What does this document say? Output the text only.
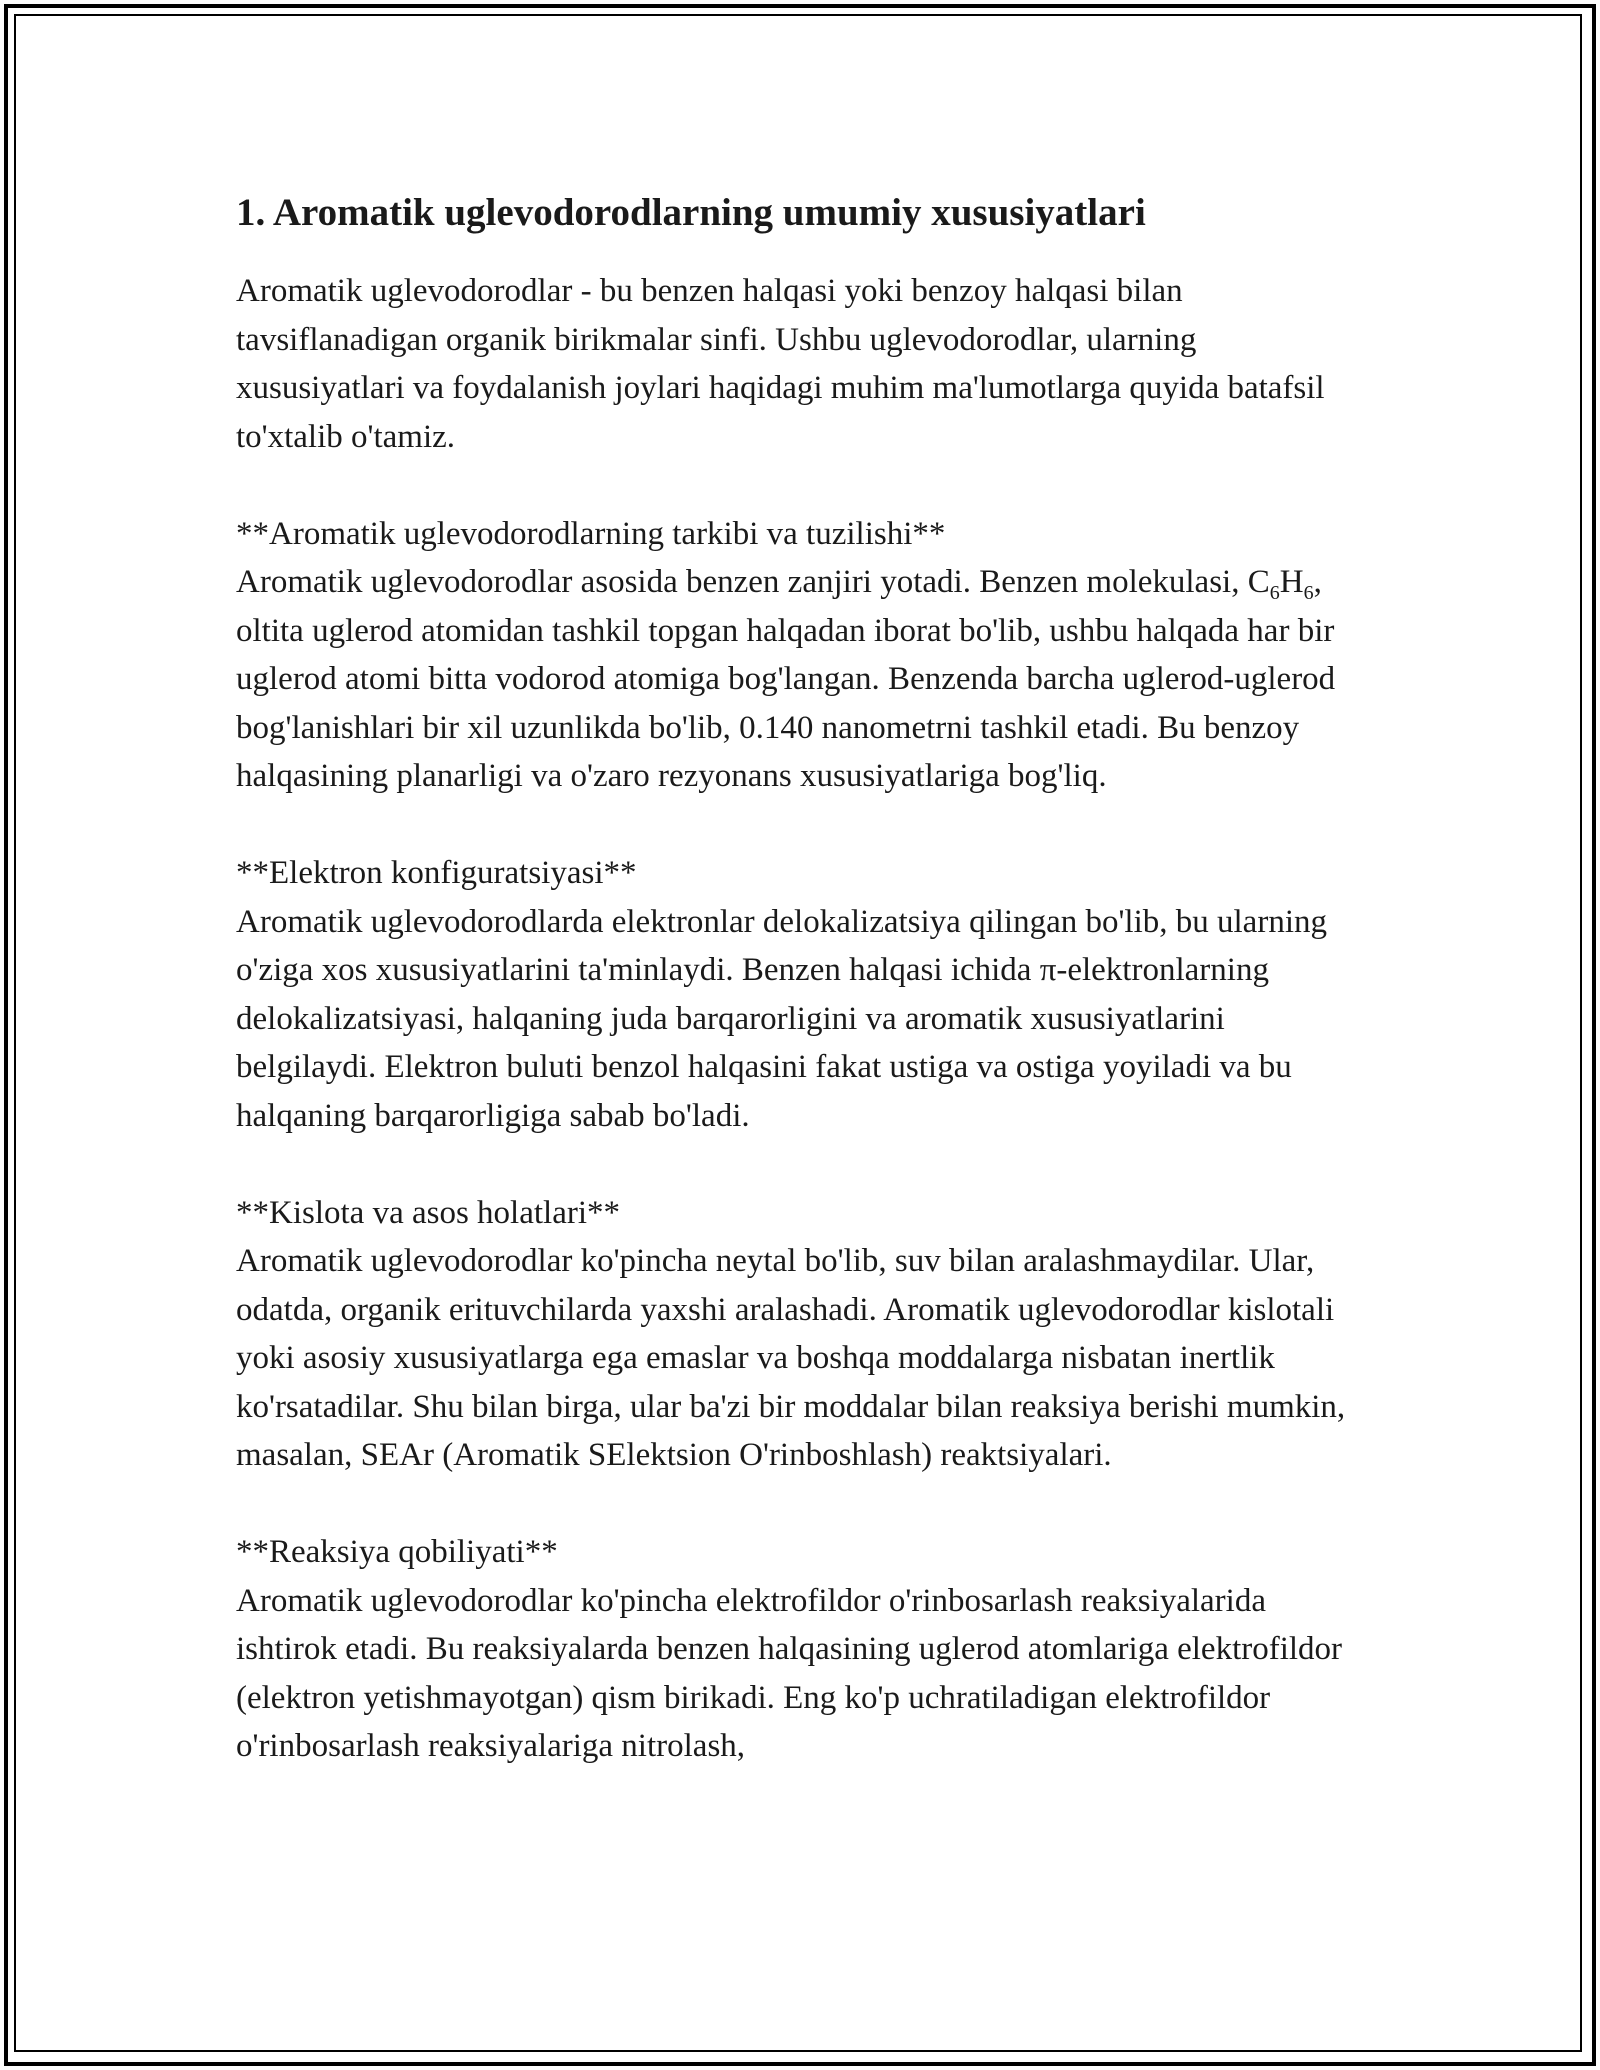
1. Aromatik uglevodorodlarning umumiy xususiyatlari

Aromatik uglevodorodlar - bu benzen halqasi yoki benzoy halqasi bilan tavsiflanadigan organik birikmalar sinfi. Ushbu uglevodorodlar, ularning xususiyatlari va foydalanish joylari haqidagi muhim ma'lumotlarga quyida batafsil to'xtalib o'tamiz.

**Aromatik uglevodorodlarning tarkibi va tuzilishi**

Aromatik uglevodorodlar asosida benzen zanjiri yotadi. Benzen molekulasi, $C_6H_6$, oltita uglerod atomidan tashkil topgan halqadan iborat bo'lib, ushbu halqada har bir uglerod atomi bitta vodorod atomiga bog'langan. Benzenda barcha uglerod-uglerod bog'lanishlari bir xil uzunlikda bo'lib, 0.140 nanometrni tashkil etadi. Bu benzoy halqasining planarligi va o'zaro rezyonans xususiyatlariga bog'liq.

**Elektron konfiguratsiyasi**

Aromatik uglevodorodlarda elektronlar delokalizatsiya qilingan bo'lib, bu ularning o'ziga xos xususiyatlarini ta'minlaydi. Benzen halqasi ichida π-elektronlarning delokalizatsiyasi, halqaning juda barqarorligini va aromatik xususiyatlarini belgilaydi. Elektron buluti benzol halqasini fakat ustiga va ostiga yoyiladi va bu halqaning barqarorligiga sabab bo'ladi.

**Kislota va asos holatlari**

Aromatik uglevodorodlar ko'pincha neytal bo'lib, suv bilan aralashmaydilar. Ular, odatda, organik erituvchilarda yaxshi aralashadi. Aromatik uglevodorodlar kislotali yoki asosiy xususiyatlarga ega emaslar va boshqa moddalarga nisbatan inertlik ko'rsatadilar. Shu bilan birga, ular ba'zi bir moddalar bilan reaksiya berishi mumkin, masalan, SEAr (Aromatik SElektsion O'rinboshlash) reaktsiyalari.

**Reaksiya qobiliyati**

Aromatik uglevodorodlar ko'pincha elektrofildor o'rinbosarlash reaksiyalarida ishtirok etadi. Bu reaksiyalarda benzen halqasining uglerod atomlariga elektrofildor (elektron yetishmayotgan) qism birikadi. Eng ko'p uchratiladigan elektrofildor o'rinbosarlash reaksiyalariga nitrolash,
